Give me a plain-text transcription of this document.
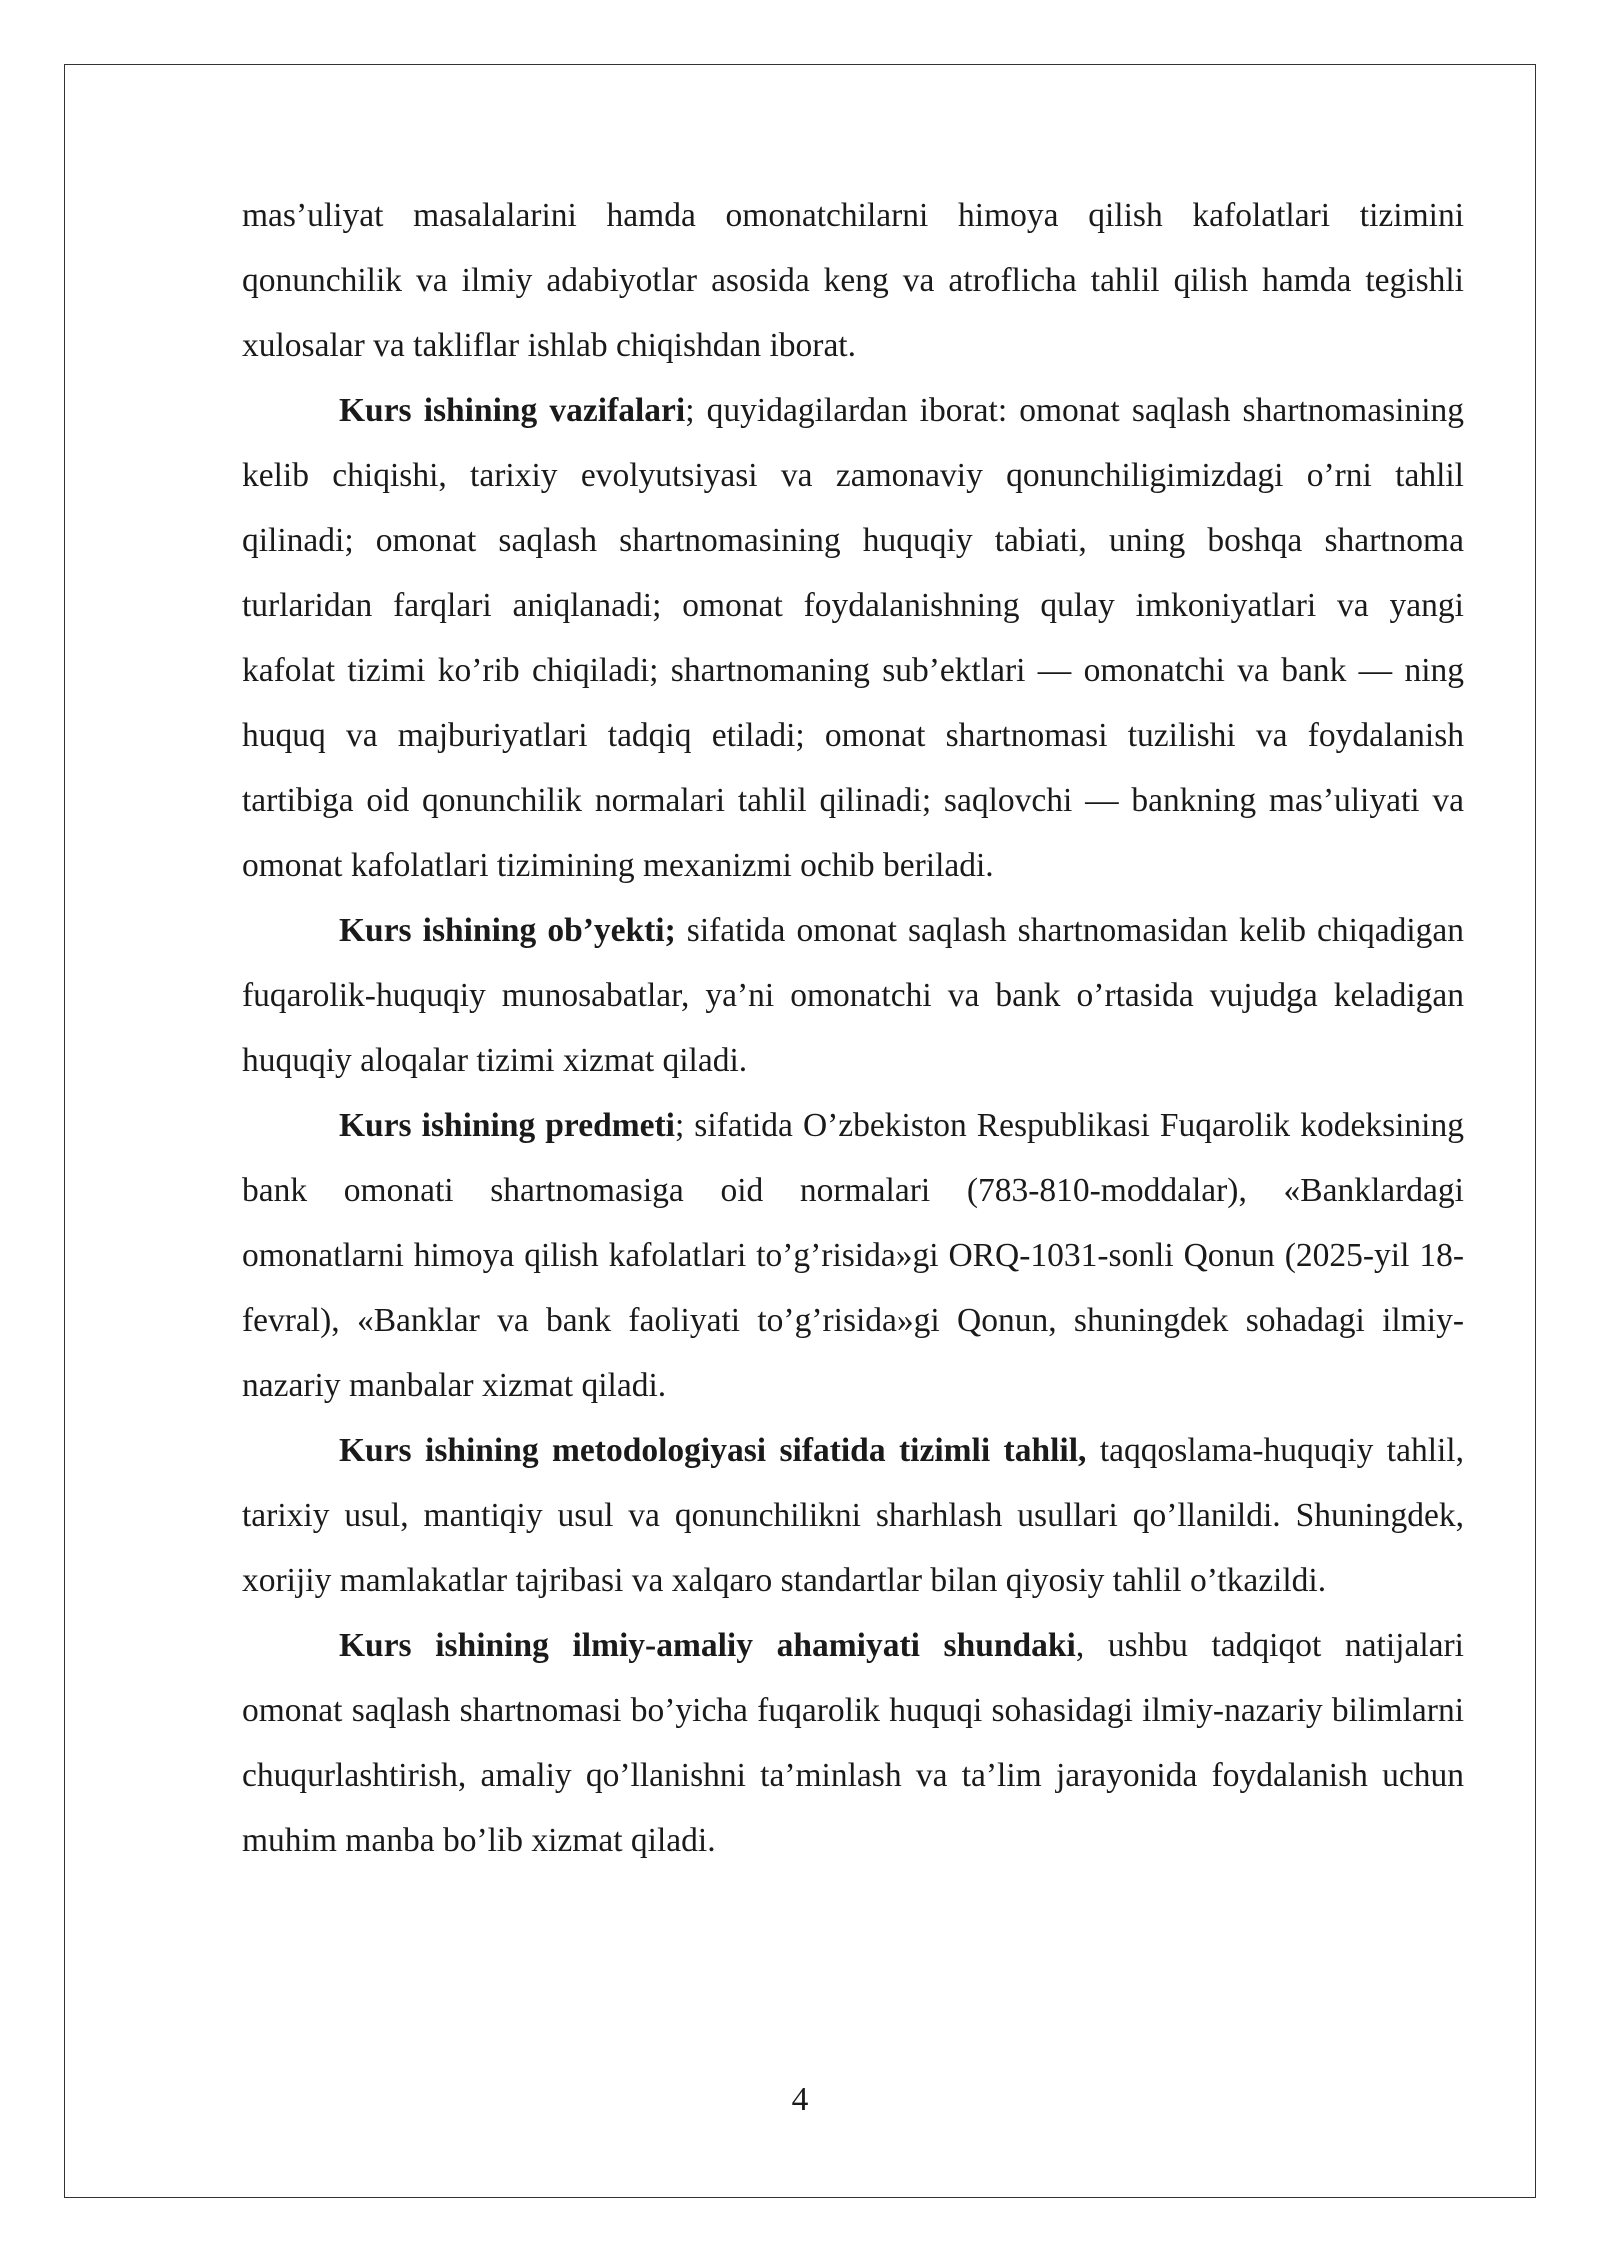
mas’uliyat masalalarini hamda omonatchilarni himoya qilish kafolatlari tizimini qonunchilik va ilmiy adabiyotlar asosida keng va atroflicha tahlil qilish hamda tegishli xulosalar va takliflar ishlab chiqishdan iborat.

Kurs ishining vazifalari; quyidagilardan iborat: omonat saqlash shartnomasining kelib chiqishi, tarixiy evolyutsiyasi va zamonaviy qonunchiligimizdagi o’rni tahlil qilinadi; omonat saqlash shartnomasining huquqiy tabiati, uning boshqa shartnoma turlaridan farqlari aniqlanadi; omonat foydalanishning qulay imkoniyatlari va yangi kafolat tizimi ko’rib chiqiladi; shartnomaning sub’ektlari — omonatchi va bank — ning huquq va majburiyatlari tadqiq etiladi; omonat shartnomasi tuzilishi va foydalanish tartibiga oid qonunchilik normalari tahlil qilinadi; saqlovchi — bankning mas’uliyati va omonat kafolatlari tizimining mexanizmi ochib beriladi.

Kurs ishining ob’yekti; sifatida omonat saqlash shartnomasidan kelib chiqadigan fuqarolik-huquqiy munosabatlar, ya’ni omonatchi va bank o’rtasida vujudga keladigan huquqiy aloqalar tizimi xizmat qiladi.

Kurs ishining predmeti; sifatida O’zbekiston Respublikasi Fuqarolik kodeksining bank omonati shartnomasiga oid normalari (783-810-moddalar), «Banklardagi omonatlarni himoya qilish kafolatlari to’g’risida»gi ORQ-1031-sonli Qonun (2025-yil 18-fevral), «Banklar va bank faoliyati to’g’risida»gi Qonun, shuningdek sohadagi ilmiy-nazariy manbalar xizmat qiladi.

Kurs ishining metodologiyasi sifatida tizimli tahlil, taqqoslama-huquqiy tahlil, tarixiy usul, mantiqiy usul va qonunchilikni sharhlash usullari qo’llanildi. Shuningdek, xorijiy mamlakatlar tajribasi va xalqaro standartlar bilan qiyosiy tahlil o’tkazildi.

Kurs ishining ilmiy-amaliy ahamiyati shundaki, ushbu tadqiqot natijalari omonat saqlash shartnomasi bo’yicha fuqarolik huquqi sohasidagi ilmiy-nazariy bilimlarni chuqurlashtirish, amaliy qo’llanishni ta’minlash va ta’lim jarayonida foydalanish uchun muhim manba bo’lib xizmat qiladi.

4
